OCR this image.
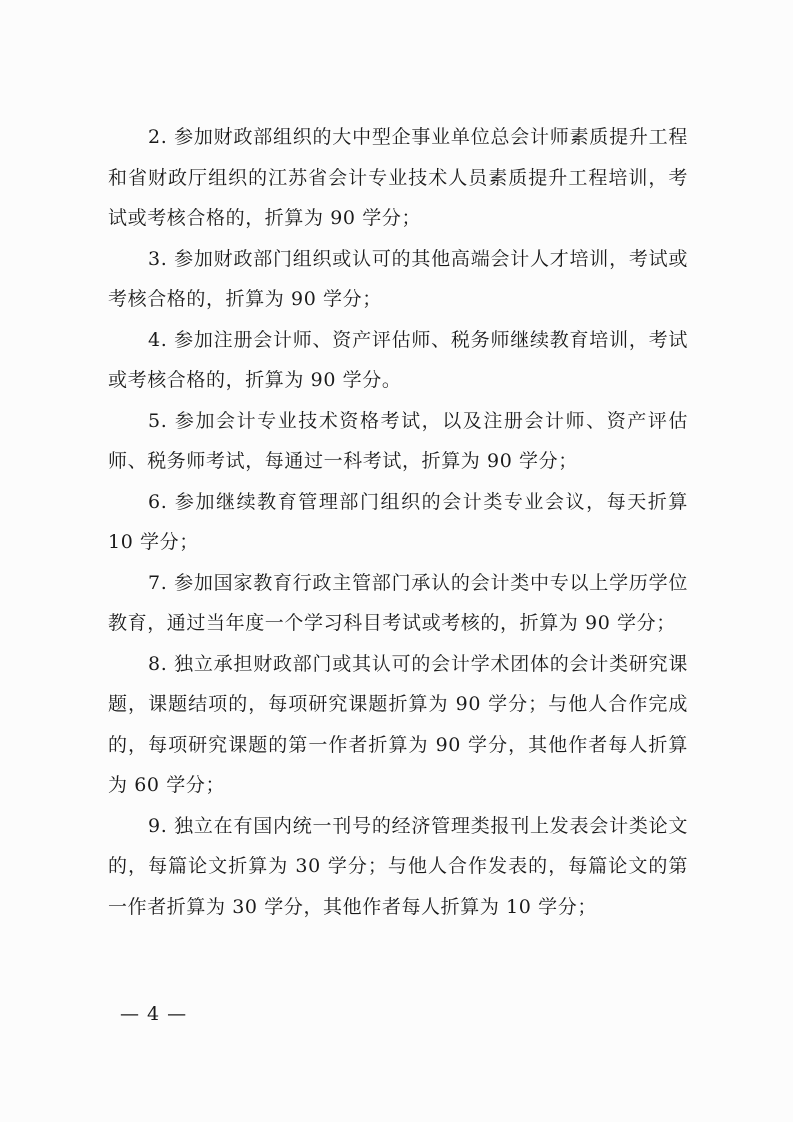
2. 参加财政部组织的大中型企事业单位总会计师素质提升工程和省财政厅组织的江苏省会计专业技术人员素质提升工程培训，考试或考核合格的，折算为 90 学分；

3. 参加财政部门组织或认可的其他高端会计人才培训，考试或考核合格的，折算为 90 学分；

4. 参加注册会计师、资产评估师、税务师继续教育培训，考试或考核合格的，折算为 90 学分。

5. 参加会计专业技术资格考试，以及注册会计师、资产评估师、税务师考试，每通过一科考试，折算为 90 学分；

6. 参加继续教育管理部门组织的会计类专业会议，每天折算 10 学分；

7. 参加国家教育行政主管部门承认的会计类中专以上学历学位教育，通过当年度一个学习科目考试或考核的，折算为 90 学分；

8. 独立承担财政部门或其认可的会计学术团体的会计类研究课题，课题结项的，每项研究课题折算为 90 学分；与他人合作完成的，每项研究课题的第一作者折算为 90 学分，其他作者每人折算为 60 学分；

9. 独立在有国内统一刊号的经济管理类报刊上发表会计类论文的，每篇论文折算为 30 学分；与他人合作发表的，每篇论文的第一作者折算为 30 学分，其他作者每人折算为 10 学分；

— 4 —
